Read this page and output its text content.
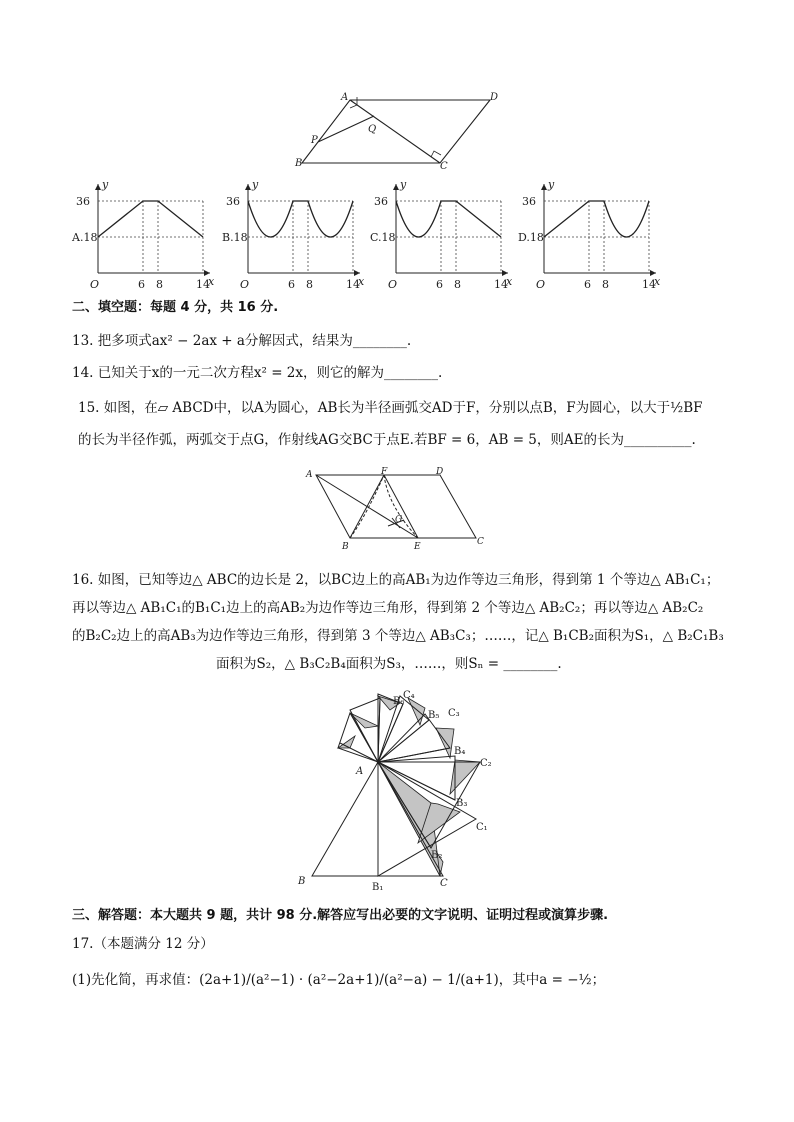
A	D
P
Q
B	C
A.18
36
O	6 8	14
x
y
B.18
36
O	6 8	14
x
y
C.18
36
O	6 8	14
x
y
D.18
36
O	6 8	14
x
y
二、填空题：每题 4 分，共 16 分.
13. 把多项式ax² − 2ax + a分解因式，结果为________.
14. 已知关于x的一元二次方程x² = 2x，则它的解为________.
15. 如图，在▱ ABCD中，以A为圆心，AB长为半径画弧交AD于F，分别以点B，F为圆心，以大于½BF
的长为半径作弧，两弧交于点G，作射线AG交BC于点E.若BF = 6，AB = 5，则AE的长为__________.
A	F	D
G
B	E	C
16. 如图，已知等边△ ABC的边长是 2，以BC边上的高AB₁为边作等边三角形，得到第 1 个等边△ AB₁C₁；
再以等边△ AB₁C₁的B₁C₁边上的高AB₂为边作等边三角形，得到第 2 个等边△ AB₂C₂；再以等边△ AB₂C₂
的B₂C₂边上的高AB₃为边作等边三角形，得到第 3 个等边△ AB₃C₃；……，记△ B₁CB₂面积为S₁，△ B₂C₁B₃
面积为S₂，△ B₃C₂B₄面积为S₃，……，则Sₙ = ________.
A
B
B₁	C
B₂
C₁
B₃
C₂
B₄
C₃
B₅
C₄
B₆
三、解答题：本大题共 9 题，共计 98 分.解答应写出必要的文字说明、证明过程或演算步骤.
17.（本题满分 12 分）
(1)先化简，再求值：(2a+1)/(a²−1) · (a²−2a+1)/(a²−a) − 1/(a+1)，其中a = −½；
